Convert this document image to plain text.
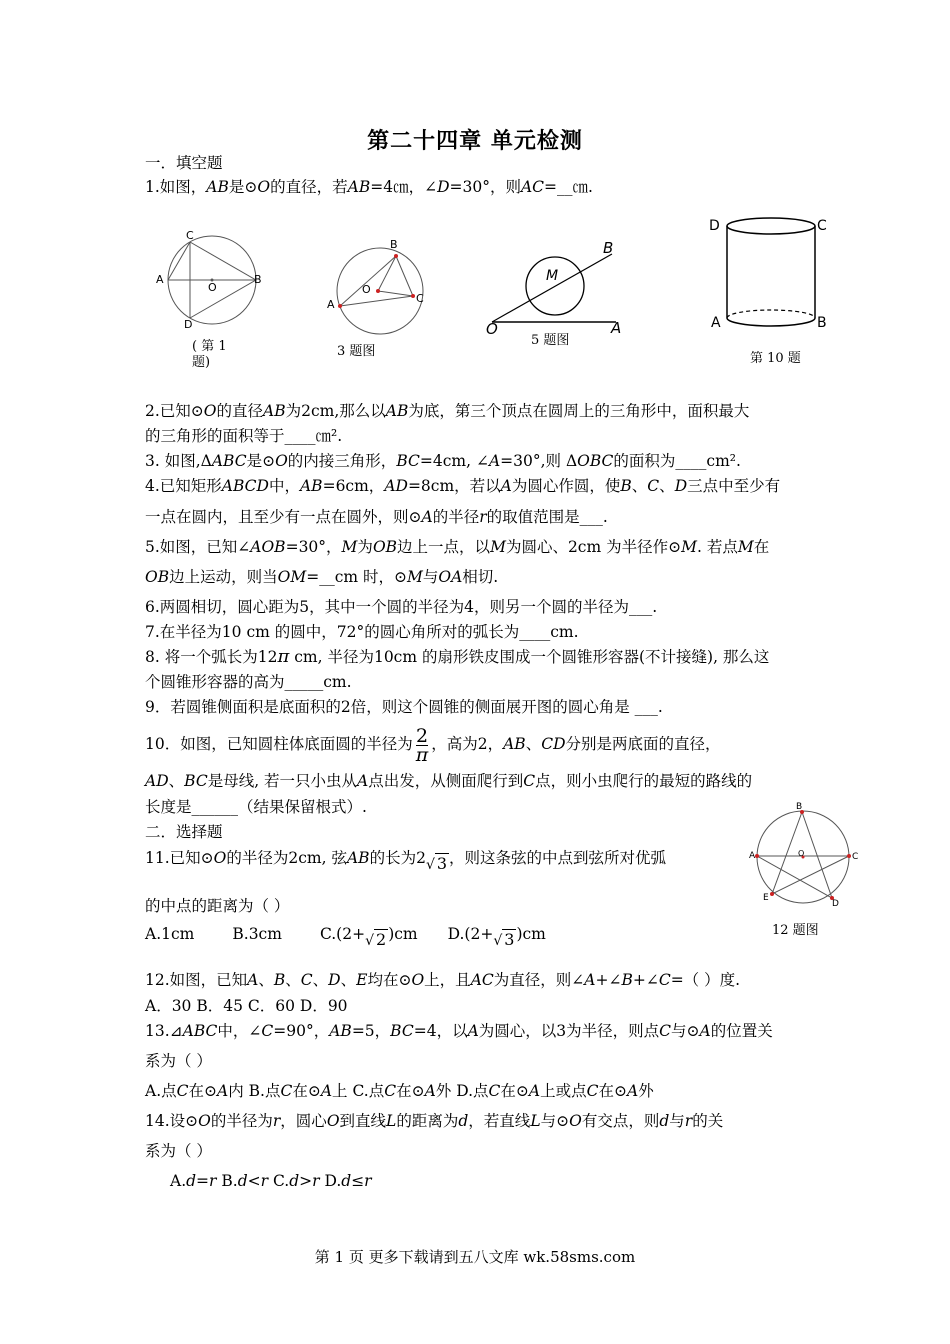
第二十四章 单元检测
一．填空题
1.如图，AB是⊙O的直径，若AB=4㎝，∠D=30°，则AC=__㎝.
C
A
O
B
D
( 第 1
题)
B
O
C
A
3 题图
B
M
O	A
5 题图
D	C
A	B
第 10 题
2.已知⊙O的直径AB为2cm,那么以AB为底，第三个顶点在圆周上的三角形中，面积最大
的三角形的面积等于____㎝².
3. 如图,ΔABC是⊙O的内接三角形，BC=4cm, ∠A=30°,则 ΔOBC的面积为____cm².
4.已知矩形ABCD中，AB=6cm，AD=8cm，若以A为圆心作圆，使B、C、D三点中至少有
一点在圆内，且至少有一点在圆外，则⊙A的半径r的取值范围是___.
5.如图，已知∠AOB=30°，M为OB边上一点，以M为圆心、2cm 为半径作⊙M. 若点M在
OB边上运动，则当OM=__cm 时，⊙M与OA相切.
6.两圆相切，圆心距为5，其中一个圆的半径为4，则另一个圆的半径为___.
7.在半径为10 cm 的圆中，72°的圆心角所对的弧长为____cm.
8. 将一个弧长为12π cm, 半径为10cm 的扇形铁皮围成一个圆锥形容器(不计接缝), 那么这
个圆锥形容器的高为_____cm.
9．若圆锥侧面积是底面积的2倍，则这个圆锥的侧面展开图的圆心角是 ___.
10．如图，已知圆柱体底面圆的半径为 $\frac{2}{\pi}$ ，高为2，AB、CD分别是两底面的直径，
AD、BC是母线, 若一只小虫从A点出发，从侧面爬行到C点，则小虫爬行的最短的路线的
长度是______（结果保留根式）.
二．选择题
B
A	O	C
E
D
12 题图
11.已知⊙O的半径为2cm, 弦AB的长为2√ 3 ，则这条弦的中点到弦所对优弧
的中点的距离为（ ）
A.1cm B.3cm C.(2+√ 2 )cm D.(2+√ 3 )cm
12.如图，已知A、B、C、D、E均在⊙O上，且AC为直径，则∠A+∠B+∠C=（ ）度.
A．30 B．45 C．60 D．90
13.⊿ABC中，∠C=90°，AB=5，BC=4，以A为圆心，以3为半径，则点C与⊙A的位置关
系为（ ）
A.点C在⊙A内 B.点C在⊙A上 C.点C在⊙A外 D.点C在⊙A上或点C在⊙A外
14.设⊙O的半径为r，圆心O到直线L的距离为d，若直线L与⊙O有交点，则d与r的关
系为（ ）
A.d=r B.d<r C.d>r D.d≤r
第 1 页 更多下载请到五八文库 wk.58sms.com
